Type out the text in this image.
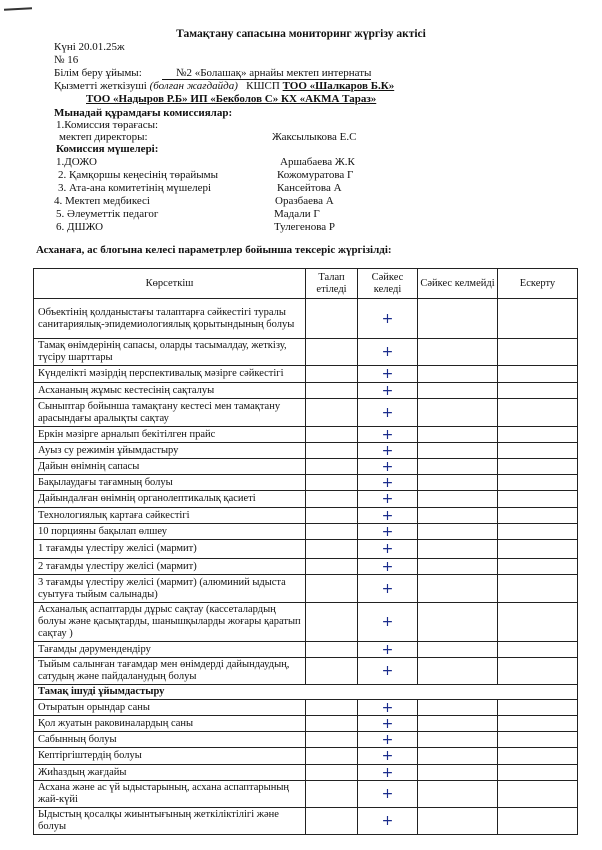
Тамақтану сапасына мониторинг жүргізу актісі
Күні 20.01.25ж
№ 16
Білім беру ұйымы:	№2 «Болашақ» арнайы мектеп интернаты
Қызметті жеткізуші (болған жағдайда) КШСП ТОО «Шалкаров Б.К»
ТОО «Надыров Р.Б» ИП «Бекболов С» КХ «АКМА Тараз»
Мынадай құрамдағы комиссиялар:
1.Комиссия төрағасы:
мектеп директоры:	Жаксылыкова Е.С
Комиссия мүшелері:
1.ДОЖО	Аршабаева Ж.К
2. Қамқоршы кеңесінің төрайымы	Кожомуратова Г
3. Ата-ана комитетінің мүшелері	Кансейтова А
4. Мектеп медбикесі	Оразбаева А
5. Әлеуметтік педагог	Мадали Г
6. ДШЖО	Тулегенова Р
Асханаға, ас блогына келесі параметрлер бойынша тексеріс жүргізілді:
Көрсеткіш	Талап етіледі	Сәйкес келеді	Сәйкес келмейді	Ескерту
Объектінің қолданыстағы талаптарға сәйкестігі туралы санитариялық-эпидемиологиялық қорытындының болуы		+		
Тамақ өнімдерінің сапасы, оларды тасымалдау, жеткізу, түсіру шарттары		+		
Күнделікті мәзірдің перспективалық мәзірге сәйкестігі		+		
Асхананың жұмыс кестесінің сақталуы		+		
Сыныптар бойынша тамақтану кестесі мен тамақтану арасындағы аралықты сақтау		+		
Еркін мәзірге арналып бекітілген прайс		+		
Ауыз су режимін ұйымдастыру		+		
Дайын өнімнің сапасы		+		
Бақылаудағы тағамның болуы		+		
Дайындалған өнімнің органолептикалық қасиеті		+		
Технологиялық картаға сәйкестігі		+		
10 порцияны бақылап өлшеу		+		
1 тағамды үлестіру желісі (мармит)		+		
2 тағамды үлестіру желісі (мармит)		+		
3 тағамды үлестіру желісі (мармит) (алюминий ыдыста суытуға тыйым салынады)		+		
Асханалық аспаптарды дұрыс сақтау (кассеталардың болуы және қасықтарды, шанышқыларды жоғары қаратып сақтау )		+		
Тағамды дәрумендендіру		+		
Тыйым салынған тағамдар мен өнімдерді дайындаудың, сатудың және пайдаланудың болуы		+		
Тамақ ішуді ұйымдастыру				
Отыратын орындар саны		+		
Қол жуатын раковиналардың саны		+		
Сабынның болуы		+		
Кептіргіштердің болуы		+		
Жиһаздың жағдайы		+		
Асхана және ас үй ыдыстарының, асхана аспаптарының жай-күйі		+		
Ыдыстың қосалқы жиынтығының жеткіліктілігі және болуы		+		
